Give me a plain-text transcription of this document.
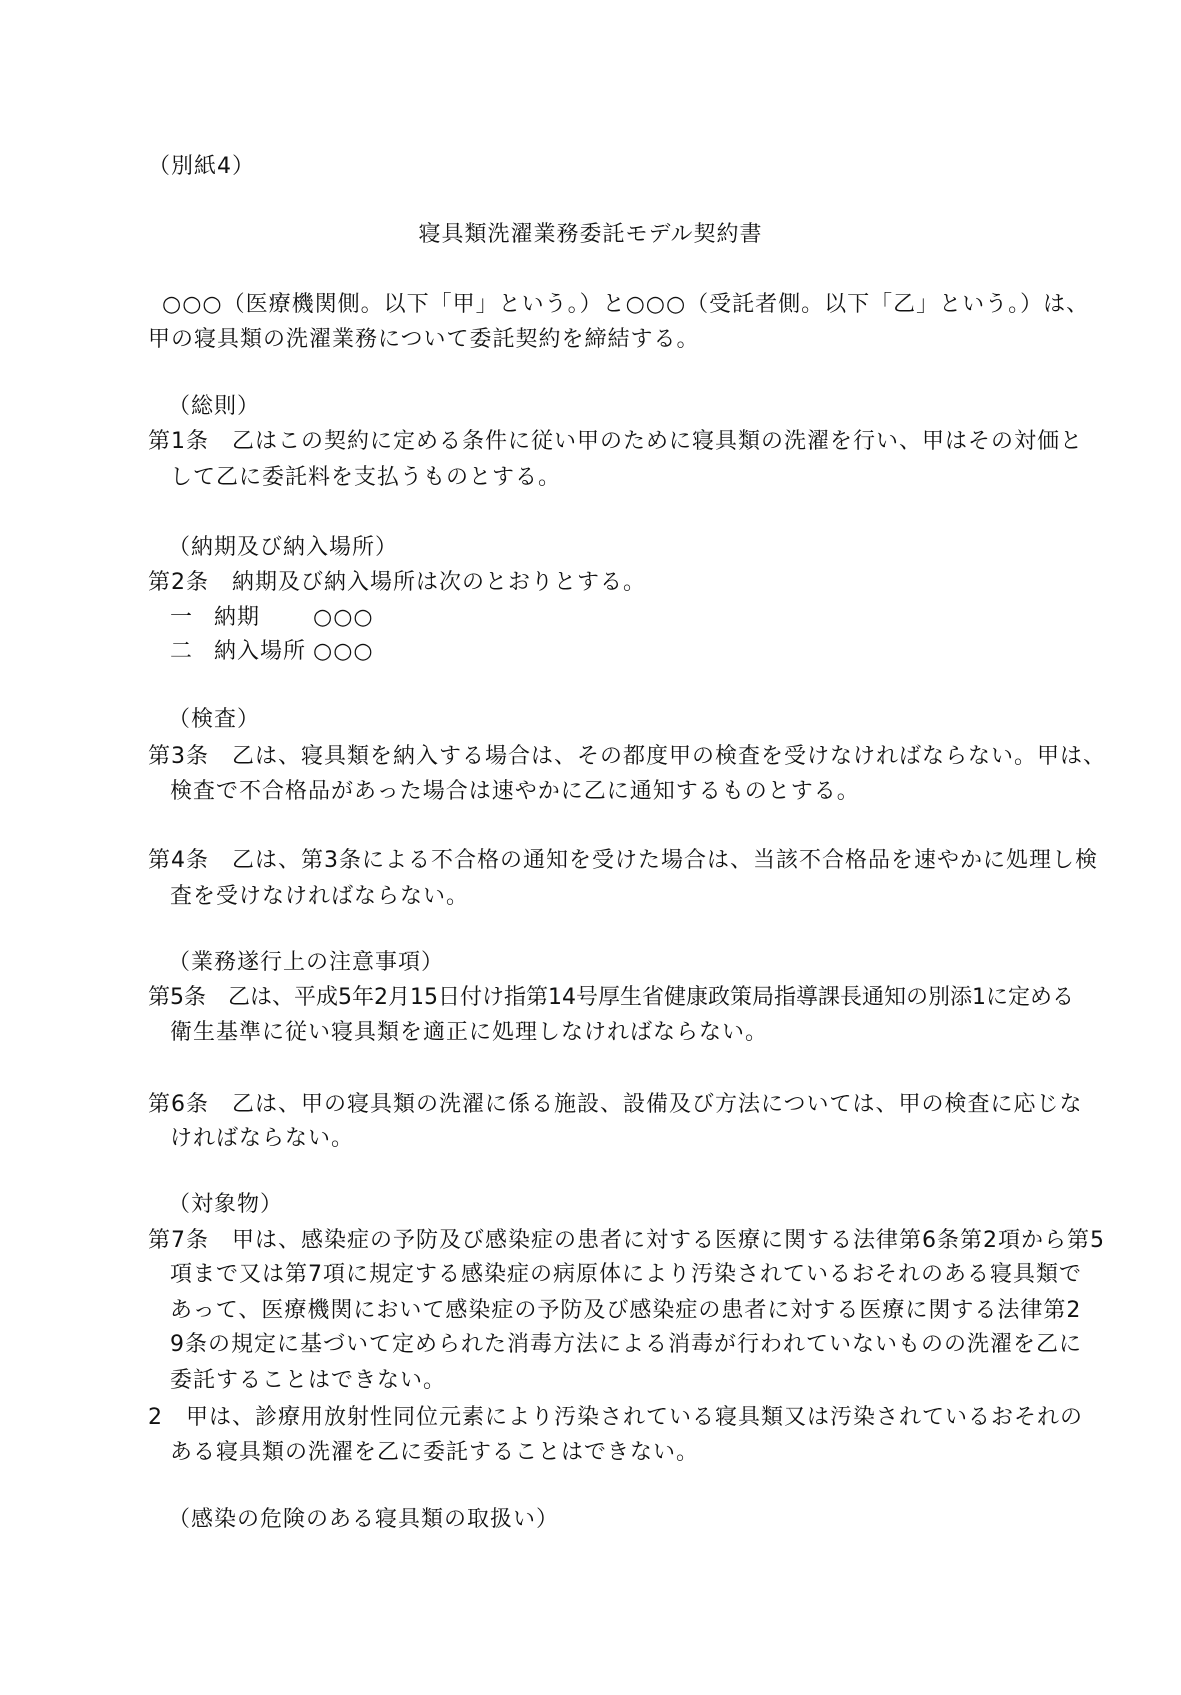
（別紙4）
寝具類洗濯業務委託モデル契約書
○○○（医療機関側。以下「甲」という。）と○○○（受託者側。以下「乙」という。）は、
甲の寝具類の洗濯業務について委託契約を締結する。
（総則）
第1条　乙はこの契約に定める条件に従い甲のために寝具類の洗濯を行い、甲はその対価と
して乙に委託料を支払うものとする。
（納期及び納入場所）
第2条　納期及び納入場所は次のとおりとする。
一 納期 ○○○
二 納入場所 ○○○
（検査）
第3条　乙は、寝具類を納入する場合は、その都度甲の検査を受けなければならない。甲は、
検査で不合格品があった場合は速やかに乙に通知するものとする。
第4条　乙は、第3条による不合格の通知を受けた場合は、当該不合格品を速やかに処理し検
査を受けなければならない。
（業務遂行上の注意事項）
第5条　乙は、平成5年2月15日付け指第14号厚生省健康政策局指導課長通知の別添1に定める
衛生基準に従い寝具類を適正に処理しなければならない。
第6条　乙は、甲の寝具類の洗濯に係る施設、設備及び方法については、甲の検査に応じな
ければならない。
（対象物）
第7条　甲は、感染症の予防及び感染症の患者に対する医療に関する法律第6条第2項から第5
項まで又は第7項に規定する感染症の病原体により汚染されているおそれのある寝具類で
あって、医療機関において感染症の予防及び感染症の患者に対する医療に関する法律第2
9条の規定に基づいて定められた消毒方法による消毒が行われていないものの洗濯を乙に
委託することはできない。
2　甲は、診療用放射性同位元素により汚染されている寝具類又は汚染されているおそれの
ある寝具類の洗濯を乙に委託することはできない。
（感染の危険のある寝具類の取扱い）
